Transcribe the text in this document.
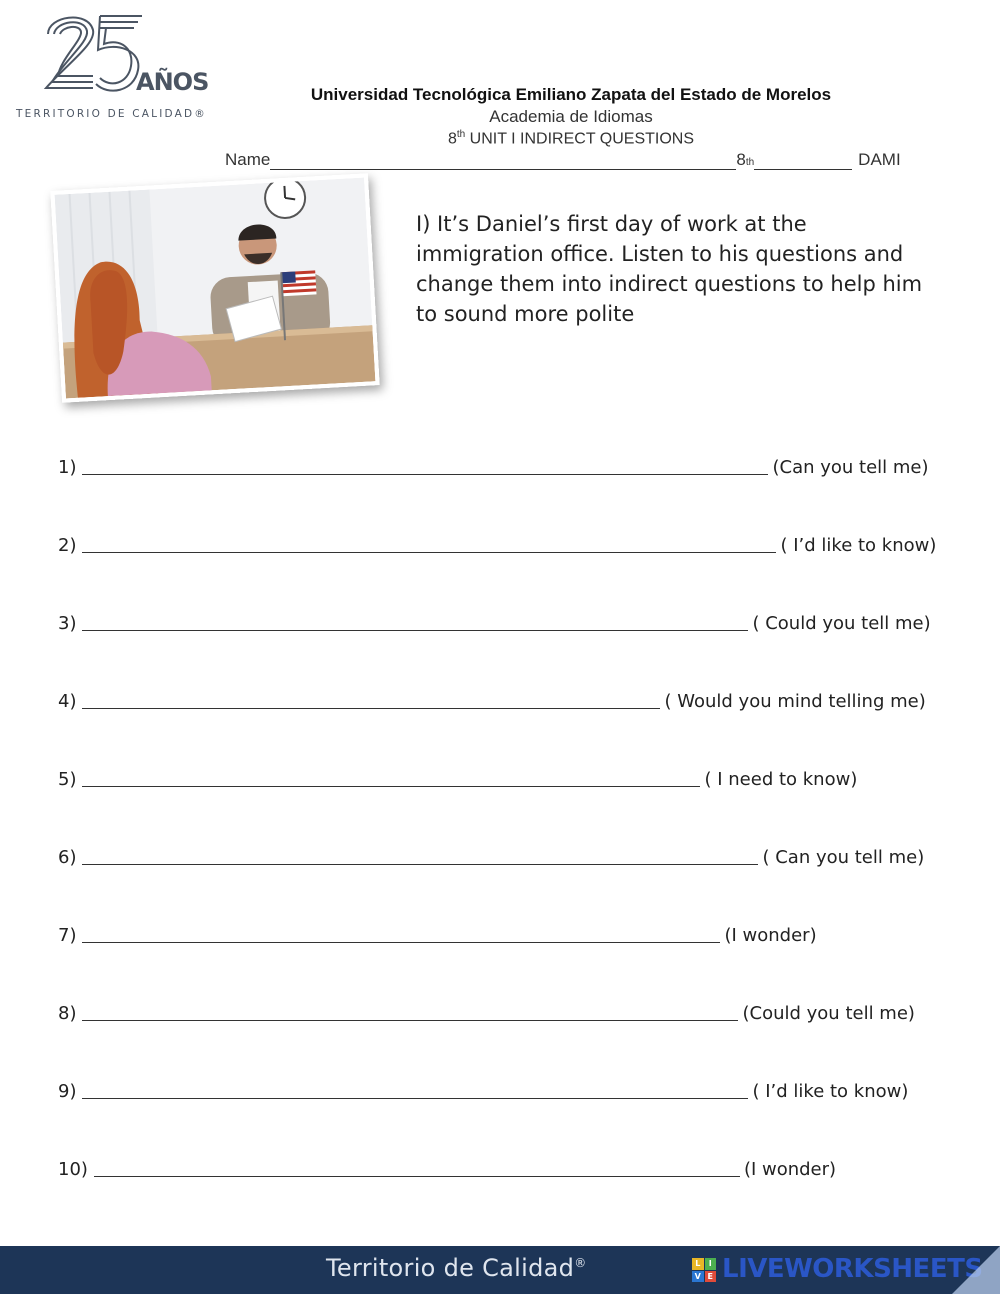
AÑOS
TERRITORIO DE CALIDAD®
Universidad Tecnológica Emiliano Zapata del Estado de Morelos
Academia de Idiomas
8th UNIT I INDIRECT QUESTIONS
Name	8th	DAMI
I) It’s Daniel’s first day of work at the immigration office. Listen to his questions and change them into indirect questions to help him to sound more polite
1)	(Can you tell me)
2)	( I’d like to know)
3)	( Could you tell me)
4)	( Would you mind telling me)
5)	( I need to know)
6)	( Can you tell me)
7)	(I wonder)
8)	(Could you tell me)
9)	( I’d like to know)
10)	(I wonder)
Territorio de Calidad®	L	I
V E LIVEWORKSHEETS
